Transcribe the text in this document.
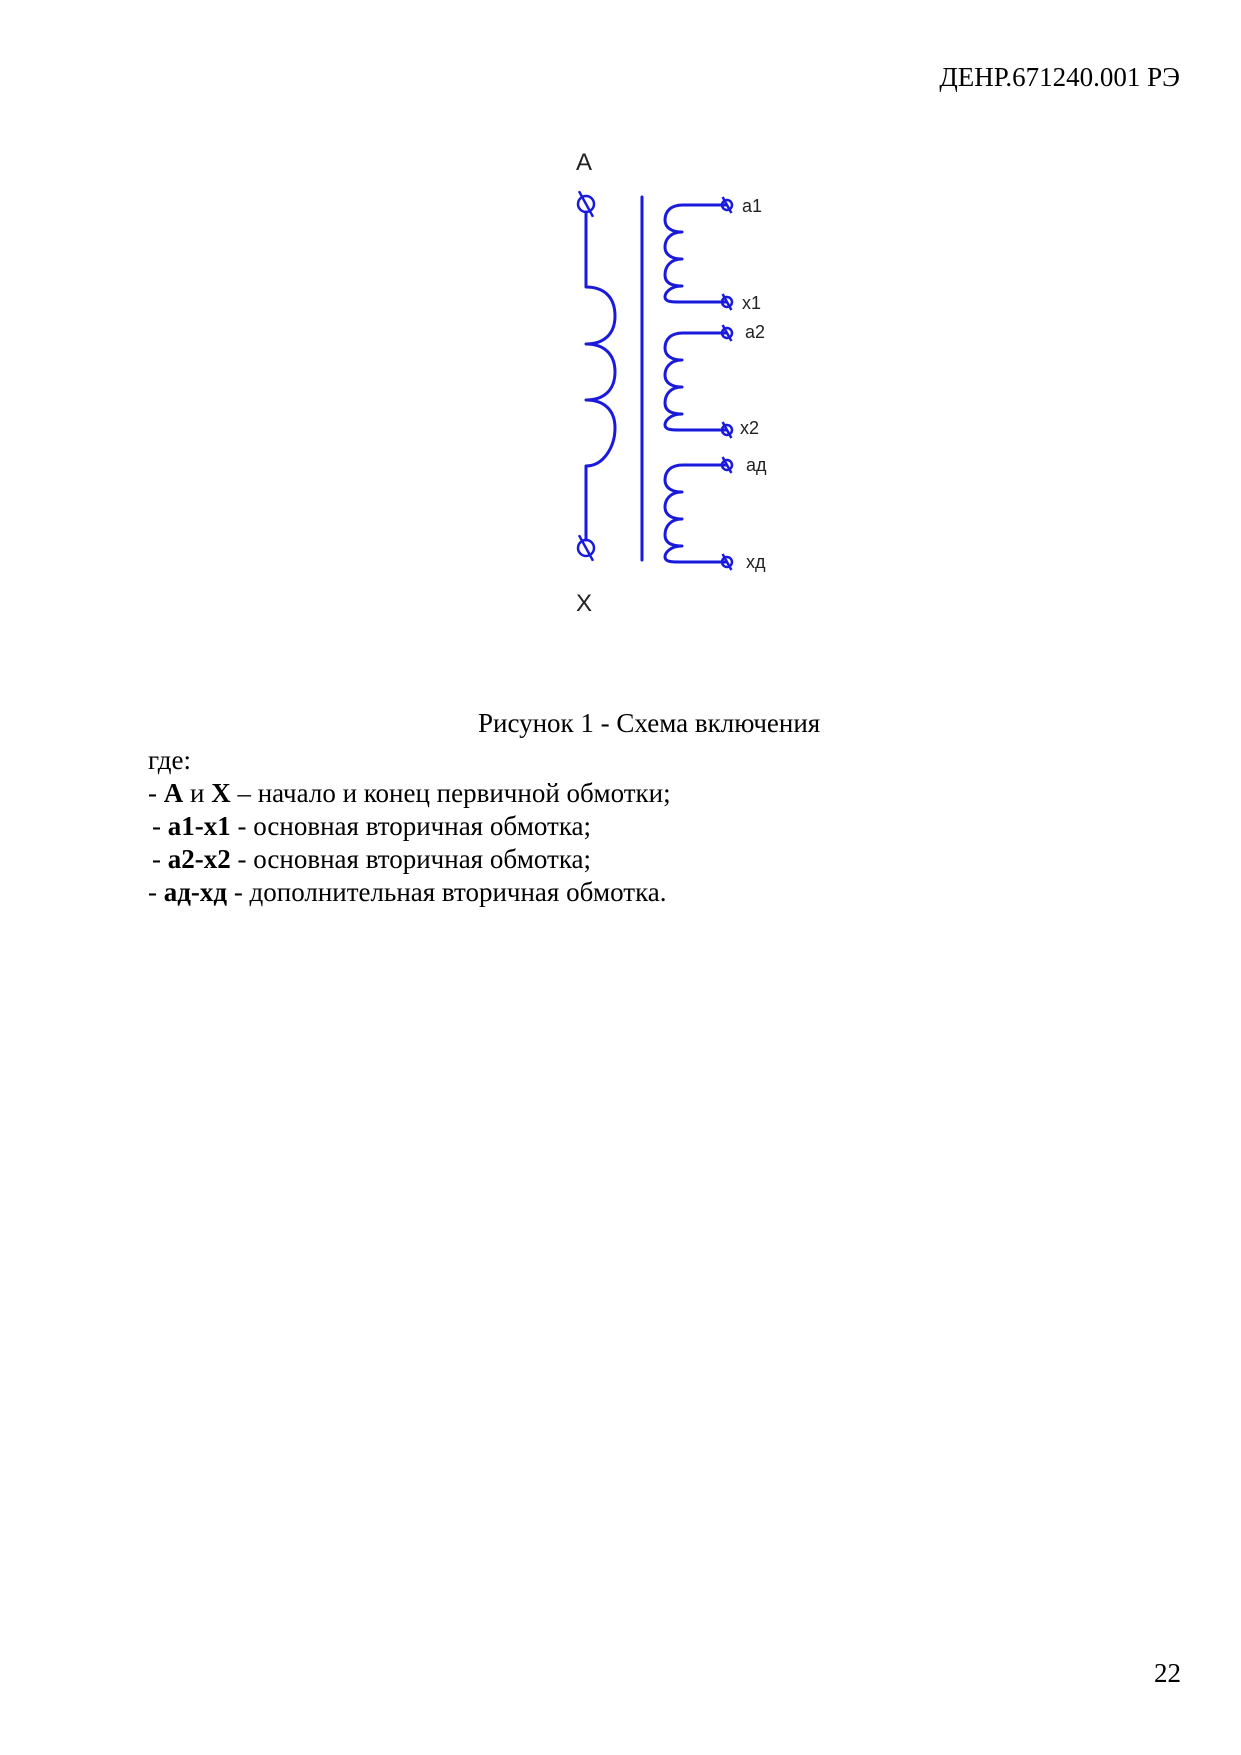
ДЕНР.671240.001 РЭ
A
X
a1
x1
a2
x2
aд
xд
Рисунок 1 - Схема включения
где:
- А и Х – начало и конец первичной обмотки;
- а1-х1 - основная вторичная обмотка;
- а2-х2 - основная вторичная обмотка;
- ад-хд - дополнительная вторичная обмотка.
22
